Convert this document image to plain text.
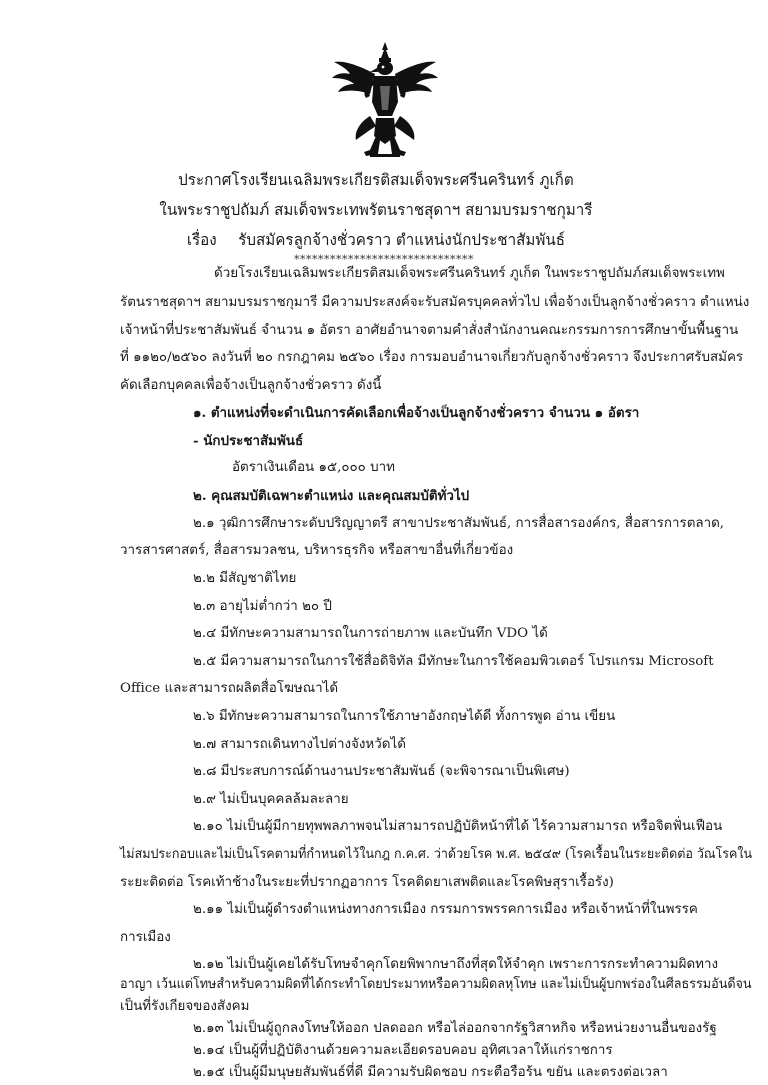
ประกาศโรงเรียนเฉลิมพระเกียรติสมเด็จพระศรีนครินทร์ ภูเก็ต
ในพระราชูปถัมภ์ สมเด็จพระเทพรัตนราชสุดาฯ สยามบรมราชกุมารี
เรื่อง รับสมัครลูกจ้างชั่วคราว ตำแหน่งนักประชาสัมพันธ์
******************************
ด้วยโรงเรียนเฉลิมพระเกียรติสมเด็จพระศรีนครินทร์ ภูเก็ต ในพระราชูปถัมภ์สมเด็จพระเทพ
รัตนราชสุดาฯ สยามบรมราชกุมารี มีความประสงค์จะรับสมัครบุคคลทั่วไป เพื่อจ้างเป็นลูกจ้างชั่วคราว ตำแหน่ง
เจ้าหน้าที่ประชาสัมพันธ์ จำนวน ๑ อัตรา อาศัยอำนาจตามคำสั่งสำนักงานคณะกรรมการการศึกษาขั้นพื้นฐาน
ที่ ๑๑๒๐/๒๕๖๐ ลงวันที่ ๒๐ กรกฎาคม ๒๕๖๐ เรื่อง การมอบอำนาจเกี่ยวกับลูกจ้างชั่วคราว จึงประกาศรับสมัคร
คัดเลือกบุคคลเพื่อจ้างเป็นลูกจ้างชั่วคราว ดังนี้
๑. ตำแหน่งที่จะดำเนินการคัดเลือกเพื่อจ้างเป็นลูกจ้างชั่วคราว จำนวน ๑ อัตรา
- นักประชาสัมพันธ์
อัตราเงินเดือน ๑๕,๐๐๐ บาท
๒. คุณสมบัติเฉพาะตำแหน่ง และคุณสมบัติทั่วไป
๒.๑ วุฒิการศึกษาระดับปริญญาตรี สาขาประชาสัมพันธ์, การสื่อสารองค์กร, สื่อสารการตลาด,
วารสารศาสตร์, สื่อสารมวลชน, บริหารธุรกิจ หรือสาขาอื่นที่เกี่ยวข้อง
๒.๒ มีสัญชาติไทย
๒.๓ อายุไม่ต่ำกว่า ๒๐ ปี
๒.๔ มีทักษะความสามารถในการถ่ายภาพ และบันทึก VDO ได้
๒.๕ มีความสามารถในการใช้สื่อดิจิทัล มีทักษะในการใช้คอมพิวเตอร์ โปรแกรม Microsoft
Office และสามารถผลิตสื่อโฆษณาได้
๒.๖ มีทักษะความสามารถในการใช้ภาษาอังกฤษได้ดี ทั้งการพูด อ่าน เขียน
๒.๗ สามารถเดินทางไปต่างจังหวัดได้
๒.๘ มีประสบการณ์ด้านงานประชาสัมพันธ์ (จะพิจารณาเป็นพิเศษ)
๒.๙ ไม่เป็นบุคคลล้มละลาย
๒.๑๐ ไม่เป็นผู้มีกายทุพพลภาพจนไม่สามารถปฏิบัติหน้าที่ได้ ไร้ความสามารถ หรือจิตฟั่นเฟือน
ไม่สมประกอบและไม่เป็นโรคตามที่กำหนดไว้ในกฎ ก.ค.ศ. ว่าด้วยโรค พ.ศ. ๒๕๔๙ (โรคเรื้อนในระยะติดต่อ วัณโรคใน
ระยะติดต่อ โรคเท้าช้างในระยะที่ปรากฏอาการ โรคติดยาเสพติดและโรคพิษสุราเรื้อรัง)
๒.๑๑ ไม่เป็นผู้ดำรงตำแหน่งทางการเมือง กรรมการพรรคการเมือง หรือเจ้าหน้าที่ในพรรค
การเมือง
๒.๑๒ ไม่เป็นผู้เคยได้รับโทษจำคุกโดยพิพากษาถึงที่สุดให้จำคุก เพราะการกระทำความผิดทาง
อาญา เว้นแต่โทษสำหรับความผิดที่ได้กระทำโดยประมาทหรือความผิดลหุโทษ และไม่เป็นผู้บกพร่องในศีลธรรมอันดีจน
เป็นที่รังเกียจของสังคม
๒.๑๓ ไม่เป็นผู้ถูกลงโทษให้ออก ปลดออก หรือไล่ออกจากรัฐวิสาหกิจ หรือหน่วยงานอื่นของรัฐ
๒.๑๔ เป็นผู้ที่ปฏิบัติงานด้วยความละเอียดรอบคอบ อุทิศเวลาให้แก่ราชการ
๒.๑๕ เป็นผู้มีมนุษยสัมพันธ์ที่ดี มีความรับผิดชอบ กระตือรือร้น ขยัน และตรงต่อเวลา
